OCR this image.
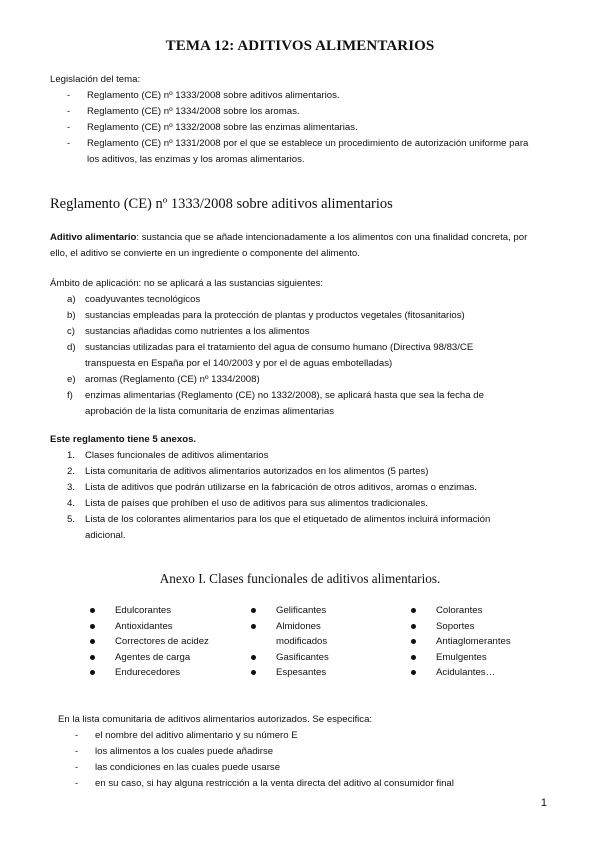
TEMA 12: ADITIVOS ALIMENTARIOS
Legislación del tema:
- Reglamento (CE) nº 1333/2008 sobre aditivos alimentarios.
- Reglamento (CE) nº 1334/2008 sobre los aromas.
- Reglamento (CE) nº 1332/2008 sobre las enzimas alimentarias.
- Reglamento (CE) nº 1331/2008 por el que se establece un procedimiento de autorización uniforme para los aditivos, las enzimas y los aromas alimentarios.
Reglamento (CE) nº 1333/2008 sobre aditivos alimentarios
Aditivo alimentario: sustancia que se añade intencionadamente a los alimentos con una finalidad concreta, por ello, el aditivo se convierte en un ingrediente o componente del alimento.
Ámbito de aplicación: no se aplicará a las sustancias siguientes:
a) coadyuvantes tecnológicos
b) sustancias empleadas para la protección de plantas y productos vegetales (fitosanitarios)
c) sustancias añadidas como nutrientes a los alimentos
d) sustancias utilizadas para el tratamiento del agua de consumo humano (Directiva 98/83/CE transpuesta en España por el 140/2003 y por el de aguas embotelladas)
e) aromas (Reglamento (CE) nº 1334/2008)
f) enzimas alimentarias (Reglamento (CE) no 1332/2008), se aplicará hasta que sea la fecha de aprobación de la lista comunitaria de enzimas alimentarias
Este reglamento tiene 5 anexos.
1. Clases funcionales de aditivos alimentarios
2. Lista comunitaria de aditivos alimentarios autorizados en los alimentos (5 partes)
3. Lista de aditivos que podrán utilizarse en la fabricación de otros aditivos, aromas o enzimas.
4. Lista de países que prohíben el uso de aditivos para sus alimentos tradicionales.
5. Lista de los colorantes alimentarios para los que el etiquetado de alimentos incluirá información adicional.
Anexo I. Clases funcionales de aditivos alimentarios.
Edulcorantes
Antioxidantes
Correctores de acidez
Agentes de carga
Endurecedores
Gelificantes
Almidones modificados
Gasificantes
Espesantes
Colorantes
Soportes
Antiaglomerantes
Emulgentes
Acidulantes…
En la lista comunitaria de aditivos alimentarios autorizados. Se especifica:
- el nombre del aditivo alimentario y su número E
- los alimentos a los cuales puede añadirse
- las condiciones en las cuales puede usarse
- en su caso, si hay alguna restricción a la venta directa del aditivo al consumidor final
1
